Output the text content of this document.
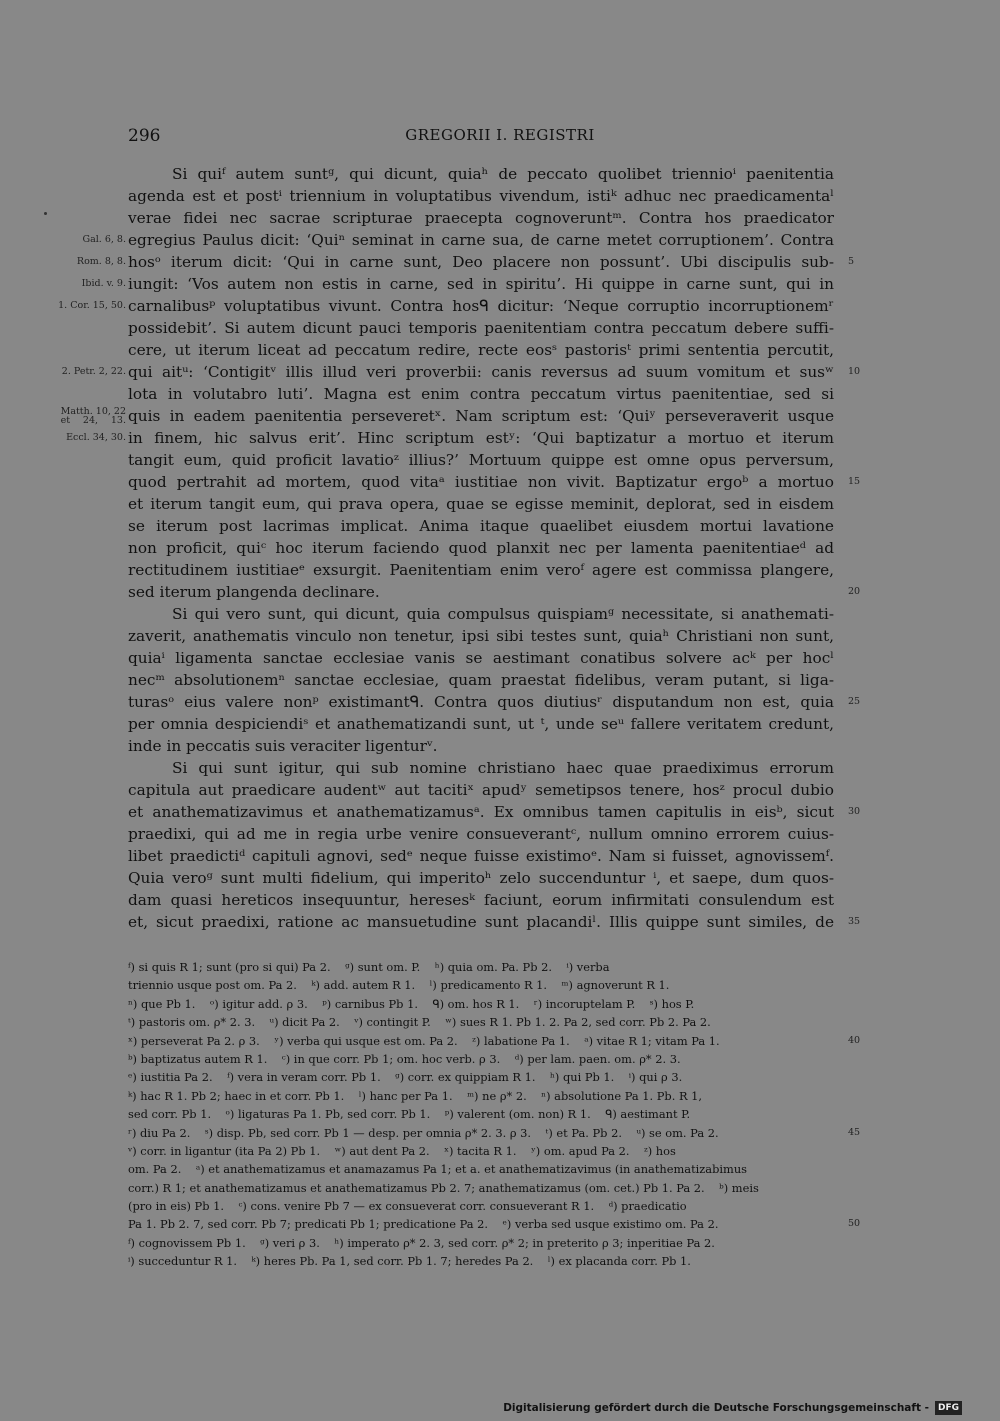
296	GREGORII I. REGISTRI
Si quiᶠ autem suntᵍ, qui dicunt, quiaʰ de peccato quolibet triennioⁱ paenitentia
agenda est et postⁱ triennium in voluptatibus vivendum, istiᵏ adhuc nec praedicamentaˡ
verae fidei nec sacrae scripturae praecepta cognoveruntᵐ. Contra hos praedicator
egregius Paulus dicit: ‘Quiⁿ seminat in carne sua, de carne metet corruptionem’. Contra
Gal. 6, 8.
hosᵒ iterum dicit: ‘Qui in carne sunt, Deo placere non possunt’. Ubi discipulis sub-
Rom. 8, 8.	5
iungit: ‘Vos autem non estis in carne, sed in spiritu’. Hi quippe in carne sunt, qui in
Ibid. v. 9.
carnalibusᵖ voluptatibus vivunt. Contra hosᑫ dicitur: ‘Neque corruptio incorruptionemʳ
1. Cor. 15, 50.
possidebit’. Si autem dicunt pauci temporis paenitentiam contra peccatum debere suffi-
cere, ut iterum liceat ad peccatum redire, recte eosˢ pastorisᵗ primi sententia percutit,
qui aitᵘ: ‘Contigitᵛ illis illud veri proverbii: canis reversus ad suum vomitum et susʷ
2. Petr. 2, 22.	10
lota in volutabro luti’. Magna est enim contra peccatum virtus paenitentiae, sed si
quis in eadem paenitentia perseveretˣ. Nam scriptum est: ‘Quiʸ perseveraverit usque
Matth. 10, 22
et 24, 13.
in finem, hic salvus erit’. Hinc scriptum estʸ: ‘Qui baptizatur a mortuo et iterum
Eccl. 34, 30.
tangit eum, quid proficit lavatioᶻ illius?’ Mortuum quippe est omne opus perversum,
quod pertrahit ad mortem, quod vitaᵃ iustitiae non vivit. Baptizatur ergoᵇ a mortuo 15
et iterum tangit eum, qui prava opera, quae se egisse meminit, deplorat, sed in eisdem
se iterum post lacrimas implicat. Anima itaque quaelibet eiusdem mortui lavatione
non proficit, quiᶜ hoc iterum faciendo quod planxit nec per lamenta paenitentiaeᵈ ad
rectitudinem iustitiaeᵉ exsurgit. Paenitentiam enim veroᶠ agere est commissa plangere,
sed iterum plangenda declinare.	20
Si qui vero sunt, qui dicunt, quia compulsus quispiamᵍ necessitate, si anathemati-
zaverit, anathematis vinculo non tenetur, ipsi sibi testes sunt, quiaʰ Christiani non sunt,
quiaⁱ ligamenta sanctae ecclesiae vanis se aestimant conatibus solvere acᵏ per hocˡ
necᵐ absolutionemⁿ sanctae ecclesiae, quam praestat fidelibus, veram putant, si liga-
turasᵒ eius valere nonᵖ existimantᑫ. Contra quos diutiusʳ disputandum non est, quia 25
per omnia despiciendiˢ et anathematizandi sunt, ut ᵗ, unde seᵘ fallere veritatem credunt,
inde in peccatis suis veraciter ligenturᵛ.
Si qui sunt igitur, qui sub nomine christiano haec quae praediximus errorum
capitula aut praedicare audentʷ aut tacitiˣ apudʸ semetipsos tenere, hosᶻ procul dubio
et anathematizavimus et anathematizamusᵃ. Ex omnibus tamen capitulis in eisᵇ, sicut 30
praedixi, qui ad me in regia urbe venire consueverantᶜ, nullum omnino errorem cuius-
libet praedictiᵈ capituli agnovi, sedᵉ neque fuisse existimoᵉ. Nam si fuisset, agnovissemᶠ.
Quia veroᵍ sunt multi fidelium, qui imperitoʰ zelo succenduntur ⁱ, et saepe, dum quos-
dam quasi hereticos insequuntur, heresesᵏ faciunt, eorum infirmitati consulendum est
et, sicut praedixi, ratione ac mansuetudine sunt placandiˡ. Illis quippe sunt similes, de 35
ᶠ) si quis R 1; sunt (pro si qui) Pa 2.    ᵍ) sunt om. P.    ʰ) quia om. Pa. Pb 2.    ⁱ) verba
triennio usque post om. Pa 2.    ᵏ) add. autem R 1.    ˡ) predicamento R 1.    ᵐ) agnoverunt R 1.
ⁿ) que Pb 1.    ᵒ) igitur add. ρ 3.    ᵖ) carnibus Pb 1.    ᑫ) om. hos R 1.    ʳ) incoruptelam P.    ˢ) hos P.
ᵗ) pastoris om. ρ* 2. 3.    ᵘ) dicit Pa 2.    ᵛ) contingit P.    ʷ) sues R 1. Pb 1. 2. Pa 2, sed corr. Pb 2. Pa 2.
ˣ) perseverat Pa 2. ρ 3.    ʸ) verba qui usque est om. Pa 2.    ᶻ) labatione Pa 1.    ᵃ) vitae R 1; vitam Pa 1.	40
ᵇ) baptizatus autem R 1.    ᶜ) in que corr. Pb 1; om. hoc verb. ρ 3.    ᵈ) per lam. paen. om. ρ* 2. 3.
ᵉ) iustitia Pa 2.    ᶠ) vera in veram corr. Pb 1.    ᵍ) corr. ex quippiam R 1.    ʰ) qui Pb 1.    ⁱ) qui ρ 3.
ᵏ) hac R 1. Pb 2; haec in et corr. Pb 1.    ˡ) hanc per Pa 1.    ᵐ) ne ρ* 2.    ⁿ) absolutione Pa 1. Pb. R 1,
sed corr. Pb 1.    ᵒ) ligaturas Pa 1. Pb, sed corr. Pb 1.    ᵖ) valerent (om. non) R 1.    ᑫ) aestimant P.
ʳ) diu Pa 2.    ˢ) disp. Pb, sed corr. Pb 1 — desp. per omnia ρ* 2. 3. ρ 3.    ᵗ) et Pa. Pb 2.    ᵘ) se om. Pa 2.	45
ᵛ) corr. in ligantur (ita Pa 2) Pb 1.    ʷ) aut dent Pa 2.    ˣ) tacita R 1.    ʸ) om. apud Pa 2.    ᶻ) hos
om. Pa 2.    ᵃ) et anathematizamus et anamazamus Pa 1; et a. et anathematizavimus (in anathematizabimus
corr.) R 1; et anathematizamus et anathematizamus Pb 2. 7; anathematizamus (om. cet.) Pb 1. Pa 2.    ᵇ) meis
(pro in eis) Pb 1.    ᶜ) cons. venire Pb 7 — ex consueverat corr. consueverant R 1.    ᵈ) praedicatio
Pa 1. Pb 2. 7, sed corr. Pb 7; predicati Pb 1; predicatione Pa 2.    ᵉ) verba sed usque existimo om. Pa 2.	50
ᶠ) cognovissem Pb 1.    ᵍ) veri ρ 3.    ʰ) imperato ρ* 2. 3, sed corr. ρ* 2; in preterito ρ 3; inperitiae Pa 2.
ⁱ) succeduntur R 1.    ᵏ) heres Pb. Pa 1, sed corr. Pb 1. 7; heredes Pa 2.    ˡ) ex placanda corr. Pb 1.
Digitalisierung gefördert durch die Deutsche Forschungsgemeinschaft -	DFG
